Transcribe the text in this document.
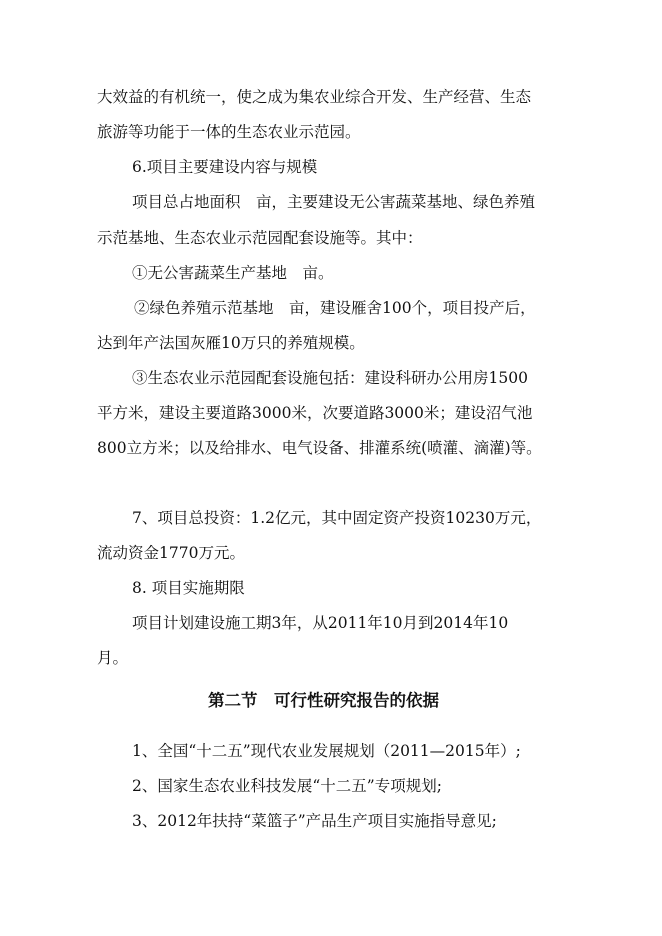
大效益的有机统一，使之成为集农业综合开发、生产经营、生态
旅游等功能于一体的生态农业示范园。
6.项目主要建设内容与规模
项目总占地面积　亩，主要建设无公害蔬菜基地、绿色养殖
示范基地、生态农业示范园配套设施等。其中：
①无公害蔬菜生产基地　亩。
②绿色养殖示范基地　亩，建设雁舍100个，项目投产后，
达到年产法国灰雁10万只的养殖规模。
③生态农业示范园配套设施包括：建设科研办公用房1500
平方米，建设主要道路3000米，次要道路3000米；建设沼气池
800立方米；以及给排水、电气设备、排灌系统(喷灌、滴灌)等。
7、项目总投资：1.2亿元，其中固定资产投资10230万元，
流动资金1770万元。
8. 项目实施期限
项目计划建设施工期3年，从2011年10月到2014年10
月。
第二节　可行性研究报告的依据
1、全国“十二五”现代农业发展规划（2011—2015年）;
2、国家生态农业科技发展“十二五”专项规划;
3、2012年扶持“菜篮子”产品生产项目实施指导意见;
